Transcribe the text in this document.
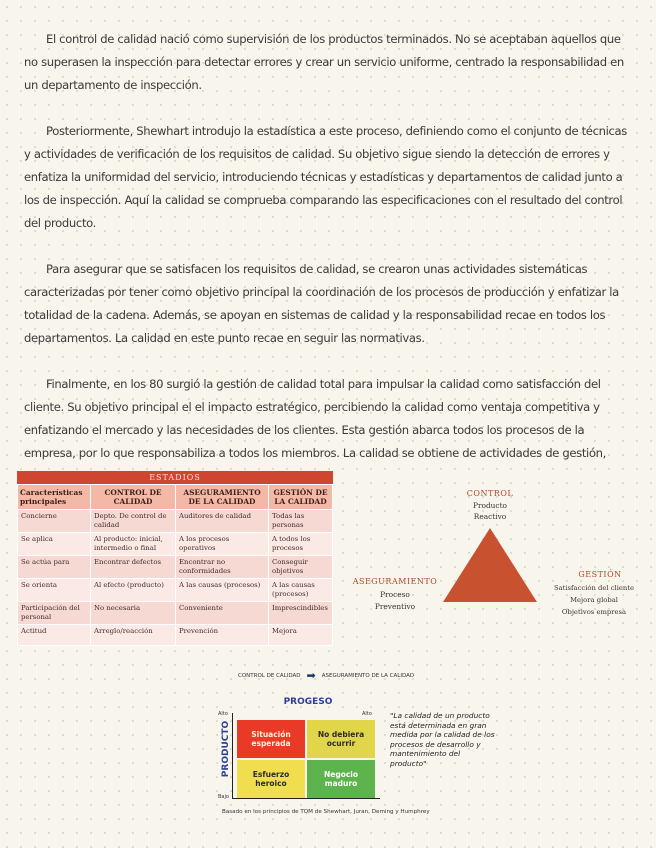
El control de calidad nació como supervisión de los productos terminados. No se aceptaban aquellos que no superasen la inspección para detectar errores y crear un servicio uniforme, centrado la responsabilidad en un departamento de inspección.

Posteriormente, Shewhart introdujo la estadística a este proceso, definiendo como el conjunto de técnicas y actividades de verificación de los requisitos de calidad. Su objetivo sigue siendo la detección de errores y enfatiza la uniformidad del servicio, introduciendo técnicas y estadísticas y departamentos de calidad junto a los de inspección. Aquí la calidad se comprueba comparando las especificaciones con el resultado del control del producto.

Para asegurar que se satisfacen los requisitos de calidad, se crearon unas actividades sistemáticas caracterizadas por tener como objetivo principal la coordinación de los procesos de producción y enfatizar la totalidad de la cadena. Además, se apoyan en sistemas de calidad y la responsabilidad recae en todos los departamentos. La calidad en este punto recae en seguir las normativas.

Finalmente, en los 80 surgió la gestión de calidad total para impulsar la calidad como satisfacción del cliente. Su objetivo principal el el impacto estratégico, percibiendo la calidad como ventaja competitiva y enfatizando el mercado y las necesidades de los clientes. Esta gestión abarca todos los procesos de la empresa, por lo que responsabiliza a todos los miembros. La calidad se obtiene de actividades de gestión,

ESTADIOS
Características principales	CONTROL DE CALIDAD	ASEGURAMIENTO DE LA CALIDAD	GESTIÓN DE LA CALIDAD
Concierne	Depto. De control de calidad	Auditores de calidad	Todas las personas
Se aplica	Al producto: inicial, intermedio o final	A los procesos operativos	A todos los procesos
Se actúa para	Encontrar defectos	Encontrar no conformidades	Conseguir objetivos
Se orienta	Al efecto (producto)	A las causas (procesos)	A las causas (procesos)
Participación del personal	No necesaria	Conveniente	Imprescindibles
Actitud	Arreglo/reacción	Prevención	Mejora
CONTROL
Producto
Reactivo
ASEGURAMIENTO
Proceso
Preventivo
GESTIÓN
Satisfacción del cliente
Mejora global
Objetivos empresa
CONTROL DE CALIDAD ➡ ASEGURAMIENTO DE LA CALIDAD
PROGESO
PRODUCTO
Alto	Alto
Bajo
Situación esperada
No debiera ocurrir
Esfuerzo heroico
Negocio maduro
"La calidad de un producto está determinada en gran medida por la calidad de los procesos de desarrollo y mantenimiento del producto"
Basado en los principios de TQM de Shewhart, Juran, Deming y Humphrey
